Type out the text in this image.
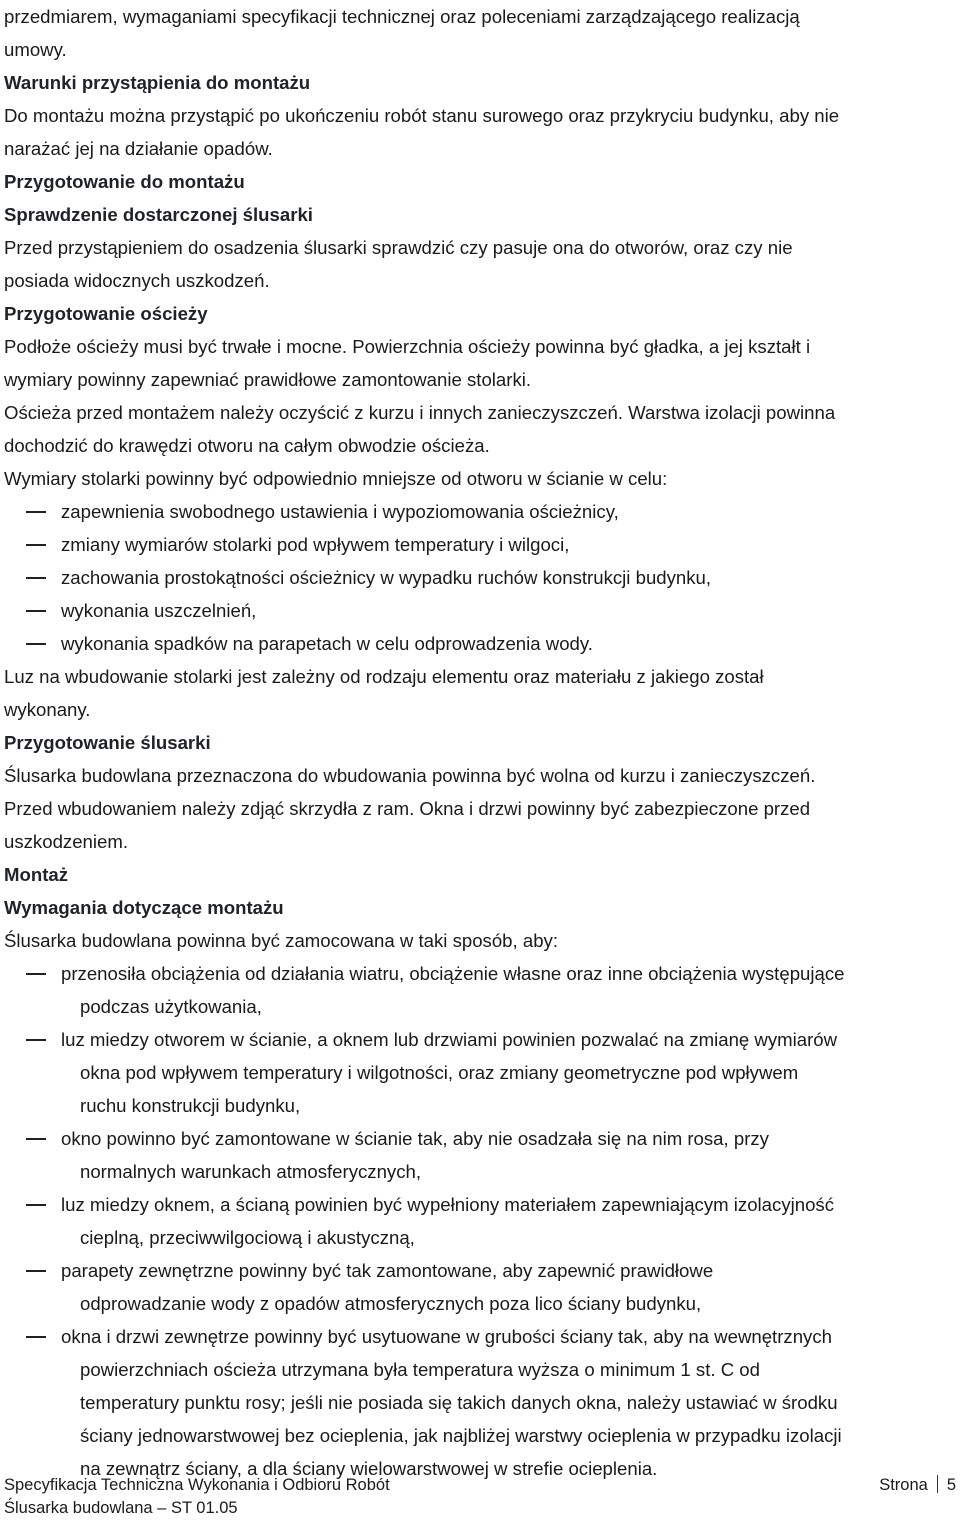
przedmiarem, wymaganiami specyfikacji technicznej oraz poleceniami zarządzającego realizacją
umowy.
Warunki przystąpienia do montażu
Do montażu można przystąpić po ukończeniu robót stanu surowego oraz przykryciu budynku, aby nie
narażać jej na działanie opadów.
Przygotowanie do montażu
Sprawdzenie dostarczonej ślusarki
Przed przystąpieniem do osadzenia ślusarki sprawdzić czy pasuje ona do otworów, oraz czy nie
posiada widocznych uszkodzeń.
Przygotowanie ościeży
Podłoże ościeży musi być trwałe i mocne. Powierzchnia ościeży powinna być gładka, a jej kształt i
wymiary powinny zapewniać prawidłowe zamontowanie stolarki.
Ościeża przed montażem należy oczyścić z kurzu i innych zanieczyszczeń. Warstwa izolacji powinna
dochodzić do krawędzi otworu na całym obwodzie ościeża.
Wymiary stolarki powinny być odpowiednio mniejsze od otworu w ścianie w celu:
zapewnienia swobodnego ustawienia i wypoziomowania ościeżnicy,
zmiany wymiarów stolarki pod wpływem temperatury i wilgoci,
zachowania prostokątności ościeżnicy w wypadku ruchów konstrukcji budynku,
wykonania uszczelnień,
wykonania spadków na parapetach w celu odprowadzenia wody.
Luz na wbudowanie stolarki jest zależny od rodzaju elementu oraz materiału z jakiego został
wykonany.
Przygotowanie ślusarki
Ślusarka budowlana przeznaczona do wbudowania powinna być wolna od kurzu i zanieczyszczeń.
Przed wbudowaniem należy zdjąć skrzydła z ram. Okna i drzwi powinny być zabezpieczone przed
uszkodzeniem.
Montaż
Wymagania dotyczące montażu
Ślusarka budowlana powinna być zamocowana w taki sposób, aby:
przenosiła obciążenia od działania wiatru, obciążenie własne oraz inne obciążenia występujące
podczas użytkowania,
luz miedzy otworem w ścianie, a oknem lub drzwiami powinien pozwalać na zmianę wymiarów
okna pod wpływem temperatury i wilgotności, oraz zmiany geometryczne pod wpływem
ruchu konstrukcji budynku,
okno powinno być zamontowane w ścianie tak, aby nie osadzała się na nim rosa, przy
normalnych warunkach atmosferycznych,
luz miedzy oknem, a ścianą powinien być wypełniony materiałem zapewniającym izolacyjność
cieplną, przeciwwilgociową i akustyczną,
parapety zewnętrzne powinny być tak zamontowane, aby zapewnić prawidłowe
odprowadzanie wody z opadów atmosferycznych poza lico ściany budynku,
okna i drzwi zewnętrze powinny być usytuowane w grubości ściany tak, aby na wewnętrznych
powierzchniach ościeża utrzymana była temperatura wyższa o minimum 1 st. C od
temperatury punktu rosy; jeśli nie posiada się takich danych okna, należy ustawiać w środku
ściany jednowarstwowej bez ocieplenia, jak najbliżej warstwy ocieplenia w przypadku izolacji
na zewnątrz ściany, a dla ściany wielowarstwowej w strefie ocieplenia.
Specyfikacja Techniczna Wykonania i Odbioru Robót
Ślusarka budowlana – ST 01.05
Strona 5
